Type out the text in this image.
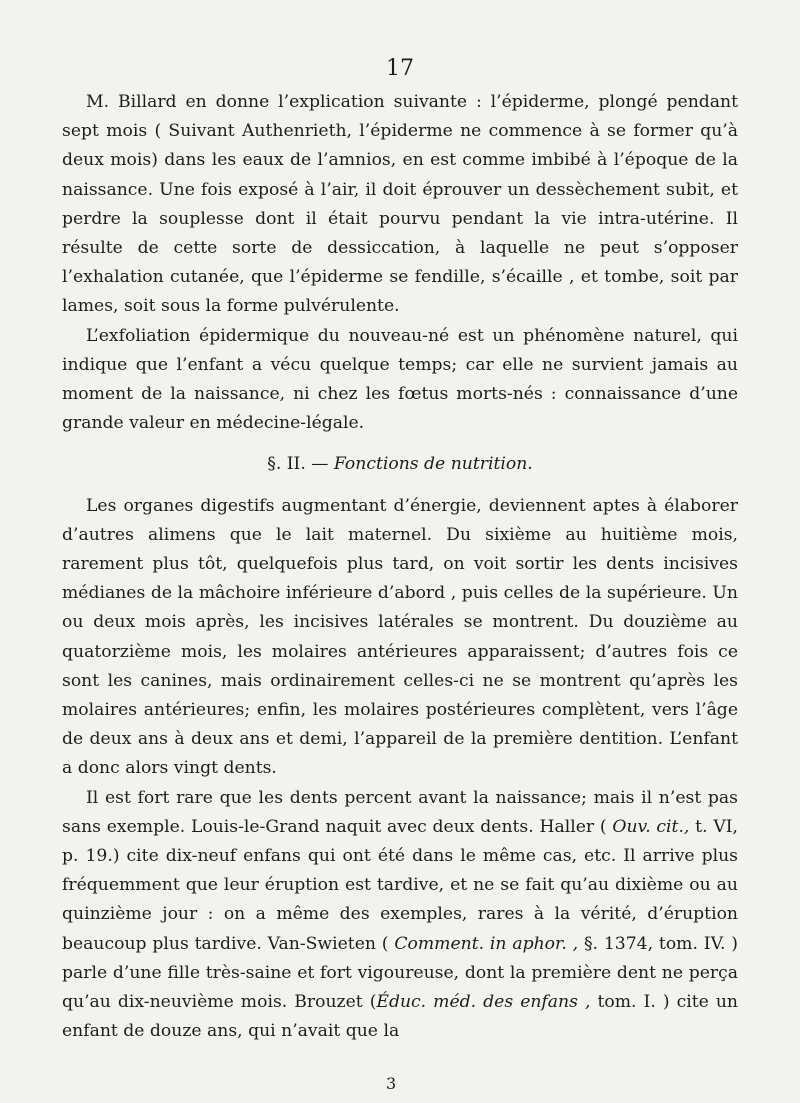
17

M. Billard en donne l’explication suivante : l’épiderme, plongé pendant sept mois ( Suivant Authenrieth, l’épiderme ne commence à se former qu’à deux mois) dans les eaux de l’amnios, en est comme imbibé à l’époque de la naissance. Une fois exposé à l’air, il doit éprouver un dessèchement subit, et perdre la souplesse dont il était pourvu pendant la vie intra-utérine. Il résulte de cette sorte de dessiccation, à laquelle ne peut s’opposer l’exhalation cutanée, que l’épiderme se fendille, s’écaille , et tombe, soit par lames, soit sous la forme pulvérulente.

L’exfoliation épidermique du nouveau-né est un phénomène naturel, qui indique que l’enfant a vécu quelque temps; car elle ne survient jamais au moment de la naissance, ni chez les fœtus morts-nés : connaissance d’une grande valeur en médecine-légale.

§. II. — Fonctions de nutrition.

Les organes digestifs augmentant d’énergie, deviennent aptes à élaborer d’autres alimens que le lait maternel. Du sixième au huitième mois, rarement plus tôt, quelquefois plus tard, on voit sortir les dents incisives médianes de la mâchoire inférieure d’abord , puis celles de la supérieure. Un ou deux mois après, les incisives latérales se montrent. Du douzième au quatorzième mois, les molaires antérieures apparaissent; d’autres fois ce sont les canines, mais ordinairement celles-ci ne se montrent qu’après les molaires antérieures; enfin, les molaires postérieures complètent, vers l’âge de deux ans à deux ans et demi, l’appareil de la première dentition. L’enfant a donc alors vingt dents.

Il est fort rare que les dents percent avant la naissance; mais il n’est pas sans exemple. Louis-le-Grand naquit avec deux dents. Haller ( Ouv. cit., t. VI, p. 19.) cite dix-neuf enfans qui ont été dans le même cas, etc. Il arrive plus fréquemment que leur éruption est tardive, et ne se fait qu’au dixième ou au quinzième jour : on a même des exemples, rares à la vérité, d’éruption beaucoup plus tardive. Van-Swieten ( Comment. in aphor. , §. 1374, tom. IV. ) parle d’une fille très-saine et fort vigoureuse, dont la première dent ne perça qu’au dix-neuvième mois. Brouzet (Éduc. méd. des enfans , tom. I. ) cite un enfant de douze ans, qui n’avait que la

3
